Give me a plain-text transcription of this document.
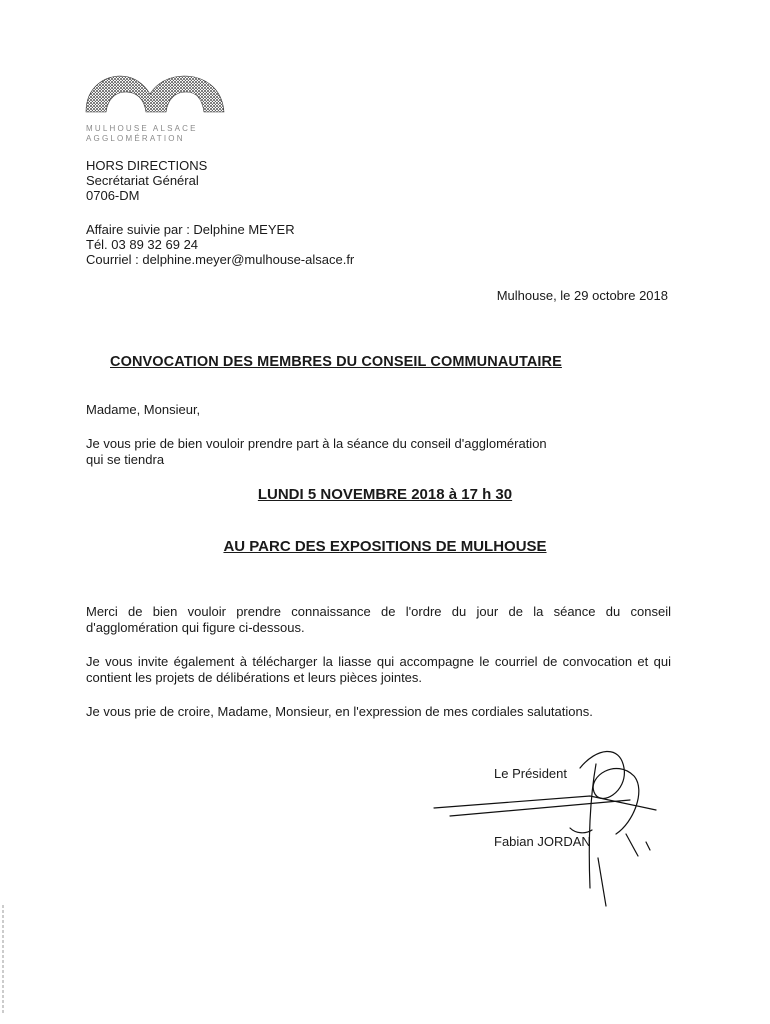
MULHOUSE ALSACE
AGGLOMÉRATION
HORS DIRECTIONS
Secrétariat Général
0706-DM
Affaire suivie par : Delphine MEYER
Tél. 03 89 32 69 24
Courriel : delphine.meyer@mulhouse-alsace.fr
Mulhouse, le 29 octobre 2018
CONVOCATION DES MEMBRES DU CONSEIL COMMUNAUTAIRE
Madame, Monsieur,
Je vous prie de bien vouloir prendre part à la séance du conseil d'agglomération
qui se tiendra
LUNDI 5 NOVEMBRE 2018 à 17 h 30
AU PARC DES EXPOSITIONS DE MULHOUSE
Merci de bien vouloir prendre connaissance de l'ordre du jour de la séance du conseil d'agglomération qui figure ci-dessous.
Je vous invite également à télécharger la liasse qui accompagne le courriel de convocation et qui contient les projets de délibérations et leurs pièces jointes.
Je vous prie de croire, Madame, Monsieur, en l'expression de mes cordiales salutations.
Le Président
Fabian JORDAN
